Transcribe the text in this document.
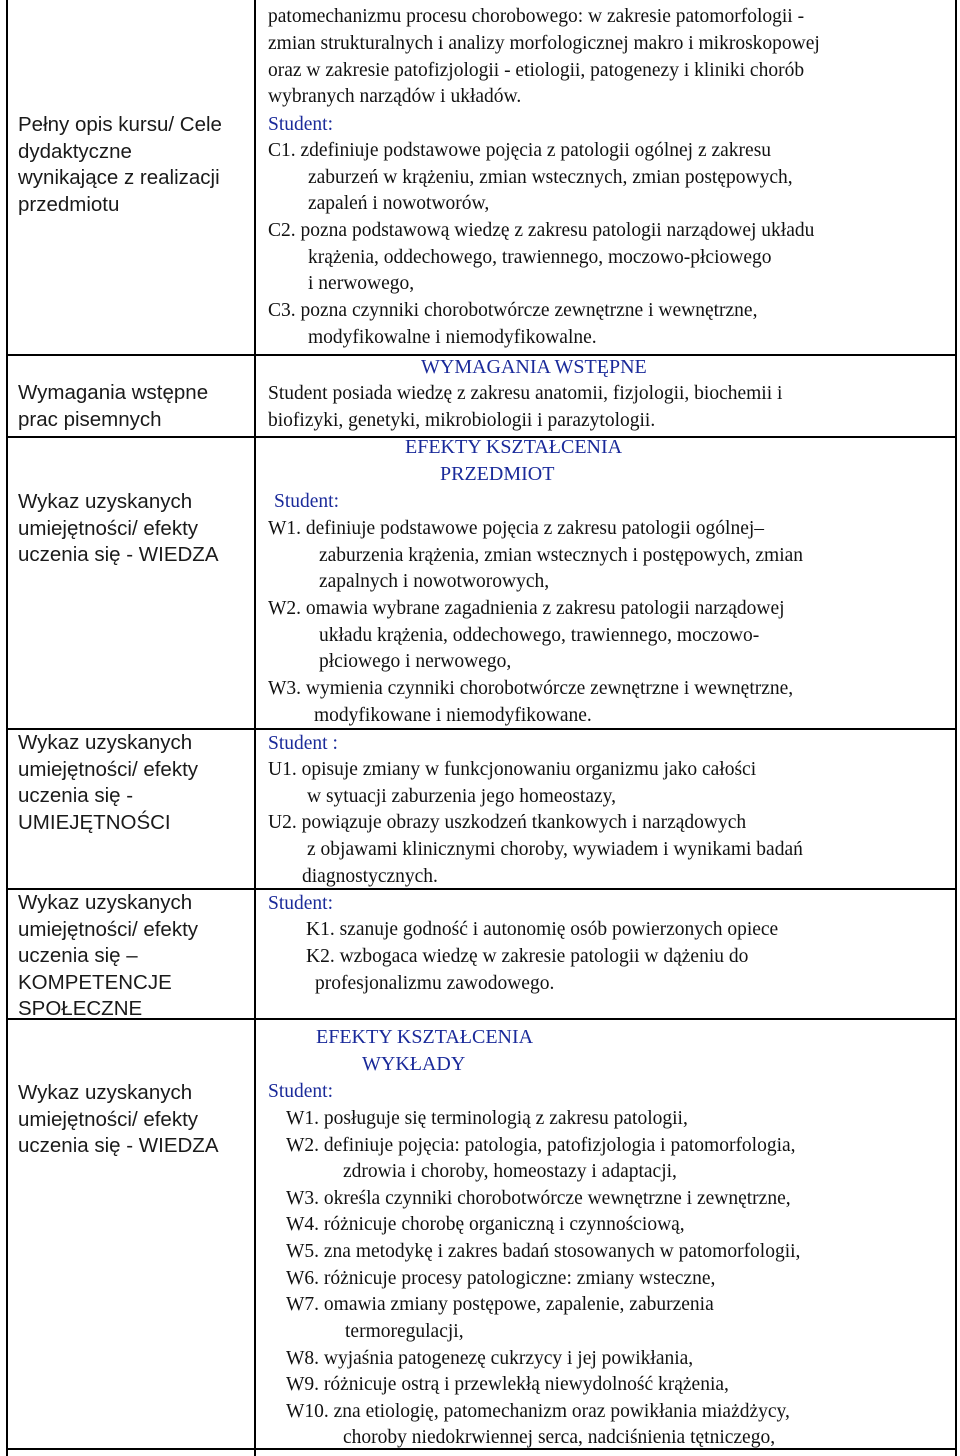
Pełny opis kursu/ Cele
dydaktyczne
wynikające z realizacji
przedmiotu
Wymagania wstępne
prac pisemnych
Wykaz uzyskanych
umiejętności/ efekty
uczenia się - WIEDZA
Wykaz uzyskanych
umiejętności/ efekty
uczenia się -
UMIEJĘTNOŚCI
Wykaz uzyskanych
umiejętności/ efekty
uczenia się –
KOMPETENCJE
SPOŁECZNE
Wykaz uzyskanych
umiejętności/ efekty
uczenia się - WIEDZA
patomechanizmu procesu chorobowego: w zakresie patomorfologii -
zmian strukturalnych i analizy morfologicznej makro i mikroskopowej
oraz w zakresie patofizjologii - etiologii, patogenezy i kliniki chorób
wybranych narządów i układów.
Student:
C1. zdefiniuje podstawowe pojęcia z patologii ogólnej z zakresu
zaburzeń w krążeniu, zmian wstecznych, zmian postępowych,
zapaleń i nowotworów,
C2. pozna podstawową wiedzę z zakresu patologii narządowej układu
krążenia, oddechowego, trawiennego, moczowo-płciowego
i nerwowego,
C3. pozna czynniki chorobotwórcze zewnętrzne i wewnętrzne,
modyfikowalne i niemodyfikowalne.
WYMAGANIA WSTĘPNE
Student posiada wiedzę z zakresu anatomii, fizjologii, biochemii i
biofizyki, genetyki, mikrobiologii i parazytologii.
EFEKTY KSZTAŁCENIA
PRZEDMIOT
Student:
W1. definiuje podstawowe pojęcia z zakresu patologii ogólnej–
zaburzenia krążenia, zmian wstecznych i postępowych, zmian
zapalnych i nowotworowych,
W2. omawia wybrane zagadnienia z zakresu patologii narządowej
układu krążenia, oddechowego, trawiennego, moczowo-
płciowego i nerwowego,
W3. wymienia czynniki chorobotwórcze zewnętrzne i wewnętrzne,
modyfikowane i niemodyfikowane.
Student :
U1. opisuje zmiany w funkcjonowaniu organizmu jako całości
w sytuacji zaburzenia jego homeostazy,
U2. powiązuje obrazy uszkodzeń tkankowych i narządowych
z objawami klinicznymi choroby, wywiadem i wynikami badań
diagnostycznych.
Student:
K1. szanuje godność i autonomię osób powierzonych opiece
K2. wzbogaca wiedzę w zakresie patologii w dążeniu do
profesjonalizmu zawodowego.
EFEKTY KSZTAŁCENIA
WYKŁADY
Student:
W1. posługuje się terminologią z zakresu patologii,
W2. definiuje pojęcia: patologia, patofizjologia i patomorfologia,
zdrowia i choroby, homeostazy i adaptacji,
W3. określa czynniki chorobotwórcze wewnętrzne i zewnętrzne,
W4. różnicuje chorobę organiczną i czynnościową,
W5. zna metodykę i zakres badań stosowanych w patomorfologii,
W6. różnicuje procesy patologiczne: zmiany wsteczne,
W7. omawia zmiany postępowe, zapalenie, zaburzenia
termoregulacji,
W8. wyjaśnia patogenezę cukrzycy i jej powikłania,
W9. różnicuje ostrą i przewlekłą niewydolność krążenia,
W10. zna etiologię, patomechanizm oraz powikłania miażdżycy,
choroby niedokrwiennej serca, nadciśnienia tętniczego,
